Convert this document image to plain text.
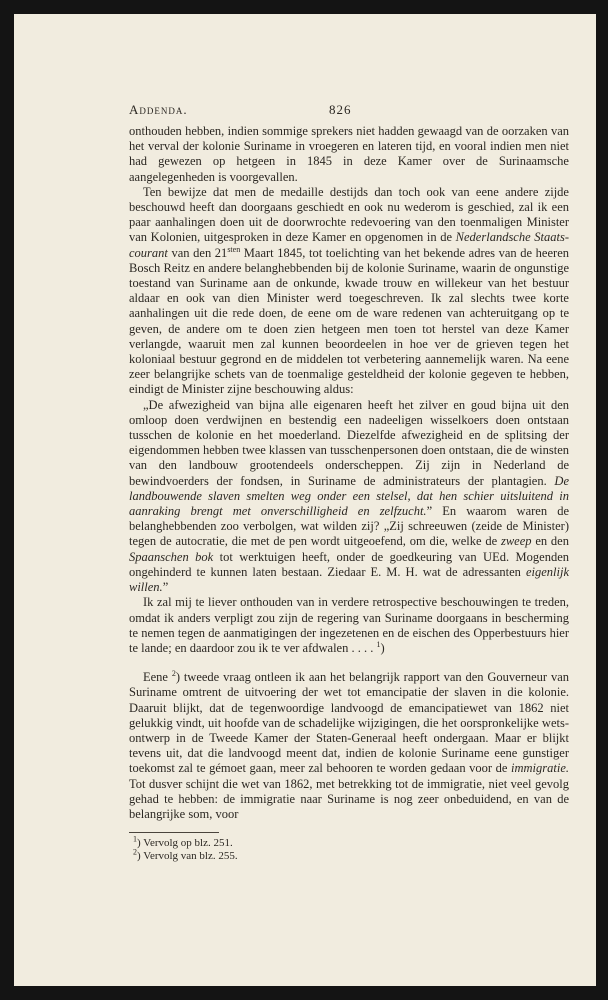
Addenda.	826

onthouden hebben, indien sommige sprekers niet hadden gewaagd van de oorzaken van het verval der kolonie Suriname in vroegeren en lateren tijd, en vooral indien men niet had gewezen op hetgeen in 1845 in deze Kamer over de Surinaamsche aangelegenheden is voorgevallen.

Ten bewijze dat men de medaille destijds dan toch ook van eene andere zijde beschouwd heeft dan doorgaans geschiedt en ook nu wederom is geschied, zal ik een paar aanhalingen doen uit de doorwrochte redevoering van den toenmaligen Minister van Kolonien, uitgesproken in deze Kamer en opgenomen in de Nederlandsche Staats-courant van den $21^{sten}$ Maart 1845, tot toelichting van het bekende adres van de heeren Bosch Reitz en andere belanghebbenden bij de kolonie Suriname, waarin de ongunstige toestand van Suriname aan de onkunde, kwade trouw en willekeur van het bestuur aldaar en ook van dien Minister werd toegeschreven. Ik zal slechts twee korte aanhalingen uit die rede doen, de eene om de ware redenen van achteruitgang op te geven, de andere om te doen zien hetgeen men toen tot herstel van deze Kamer verlangde, waaruit men zal kunnen beoordeelen in hoe ver de grieven tegen het koloniaal bestuur gegrond en de middelen tot verbetering aannemelijk waren. Na eene zeer belangrijke schets van de toenmalige gesteldheid der kolonie gegeven te hebben, eindigt de Minister zijne beschouwing aldus:

„De afwezigheid van bijna alle eigenaren heeft het zilver en goud bijna uit den omloop doen verdwijnen en bestendig een nadeeligen wisselkoers doen ontstaan tusschen de kolonie en het moederland. Diezelfde afwezigheid en de splitsing der eigendommen hebben twee klassen van tusschenpersonen doen ontstaan, die de winsten van den landbouw grootendeels onderscheppen. Zij zijn in Nederland de bewindvoerders der fondsen, in Suriname de administrateurs der plantagien. De landbouwende slaven smelten weg onder een stelsel, dat hen schier uitsluitend in aanraking brengt met onverschilligheid en zelfzucht.” En waarom waren de belanghebbenden zoo verbolgen, wat wilden zij? „Zij schreeuwen (zeide de Minister) tegen de autocratie, die met de pen wordt uitgeoefend, om die, welke de zweep en den Spaanschen bok tot werktuigen heeft, onder de goedkeuring van UEd. Mogenden ongehinderd te kunnen laten bestaan. Ziedaar E. M. H. wat de adressanten eigenlijk willen.”

Ik zal mij te liever onthouden van in verdere retrospective beschouwingen te treden, omdat ik anders verpligt zou zijn de regering van Suriname doorgaans in bescherming te nemen tegen de aanmatigingen der ingezetenen en de eischen des Opperbestuurs hier te lande; en daardoor zou ik te ver afdwalen . . . . $^1$)

Eene $^2$) tweede vraag ontleen ik aan het belangrijk rapport van den Gouverneur van Suriname omtrent de uitvoering der wet tot emancipatie der slaven in die kolonie. Daaruit blijkt, dat de tegenwoordige landvoogd de emancipatiewet van 1862 niet gelukkig vindt, uit hoofde van de schadelijke wijzigingen, die het oorspronkelijke wets-ontwerp in de Tweede Kamer der Staten-Generaal heeft ondergaan. Maar er blijkt tevens uit, dat die landvoogd meent dat, indien de kolonie Suriname eene gunstiger toekomst zal te gémoet gaan, meer zal behooren te worden gedaan voor de immigratie. Tot dusver schijnt die wet van 1862, met betrekking tot de immigratie, niet veel gevolg gehad te hebben: de immigratie naar Suriname is nog zeer onbeduidend, en van de belangrijke som, voor

$^1$) Vervolg op blz. 251.

$^2$) Vervolg van blz. 255.
